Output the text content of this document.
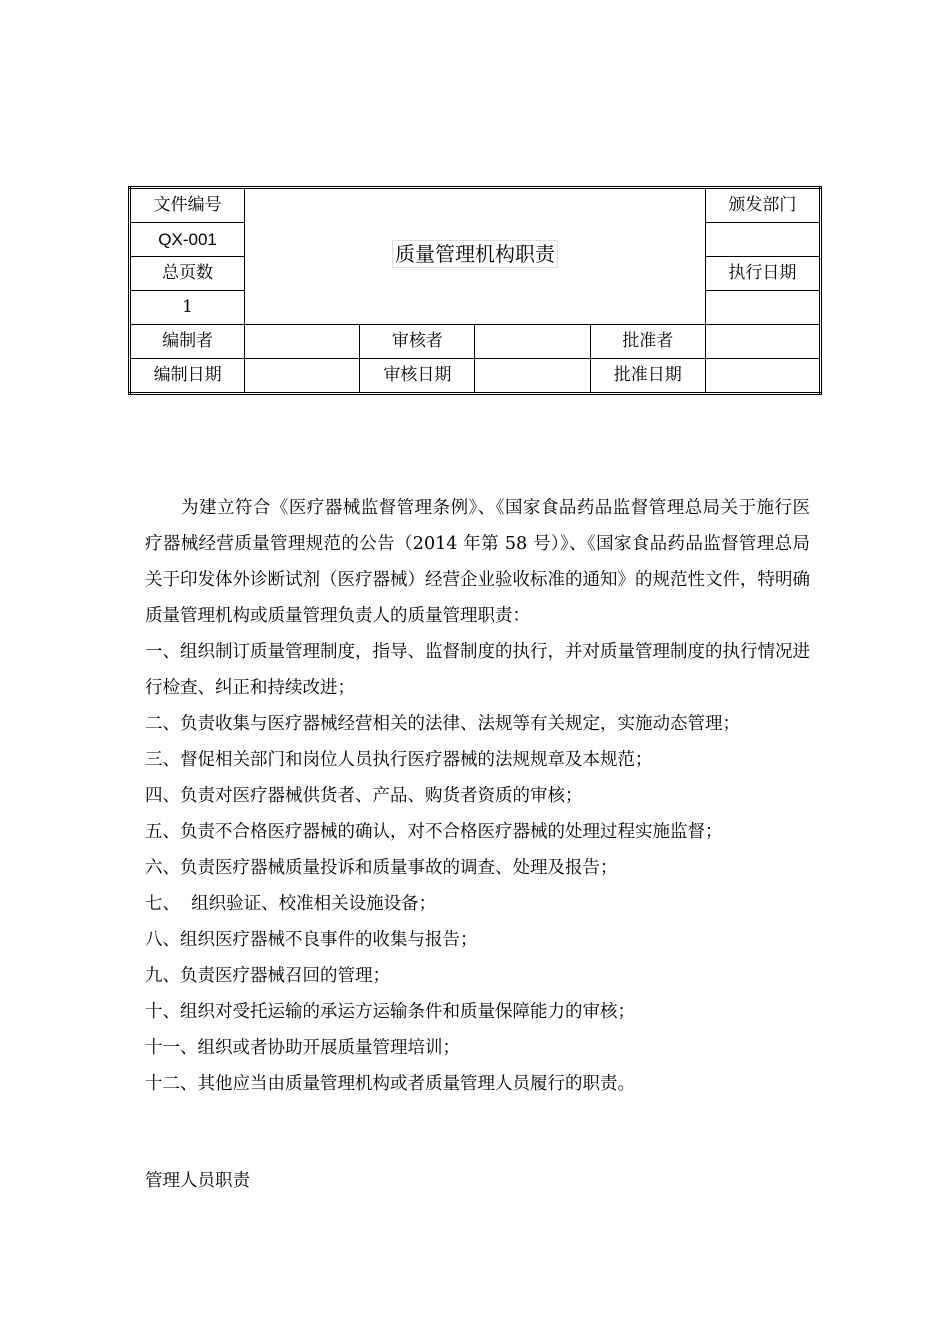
文件编号	质量管理机构职责				颁发部门
QX-001					
总页数					执行日期
1					
编制者		审核者		批准者	
编制日期		审核日期		批准日期	

为建立符合《医疗器械监督管理条例》、《国家食品药品监督管理总局关于施行医疗器械经营质量管理规范的公告（2014 年第 58 号）》、《国家食品药品监督管理总局关于印发体外诊断试剂（医疗器械）经营企业验收标准的通知》的规范性文件，特明确质量管理机构或质量管理负责人的质量管理职责：

一、组织制订质量管理制度，指导、监督制度的执行，并对质量管理制度的执行情况进行检查、纠正和持续改进；

二、负责收集与医疗器械经营相关的法律、法规等有关规定，实施动态管理；

三、督促相关部门和岗位人员执行医疗器械的法规规章及本规范；

四、负责对医疗器械供货者、产品、购货者资质的审核；

五、负责不合格医疗器械的确认，对不合格医疗器械的处理过程实施监督；

六、负责医疗器械质量投诉和质量事故的调查、处理及报告；

七、  组织验证、校准相关设施设备；

八、组织医疗器械不良事件的收集与报告；

九、负责医疗器械召回的管理；

十、组织对受托运输的承运方运输条件和质量保障能力的审核；

十一、组织或者协助开展质量管理培训；

十二、其他应当由质量管理机构或者质量管理人员履行的职责。

管理人员职责
